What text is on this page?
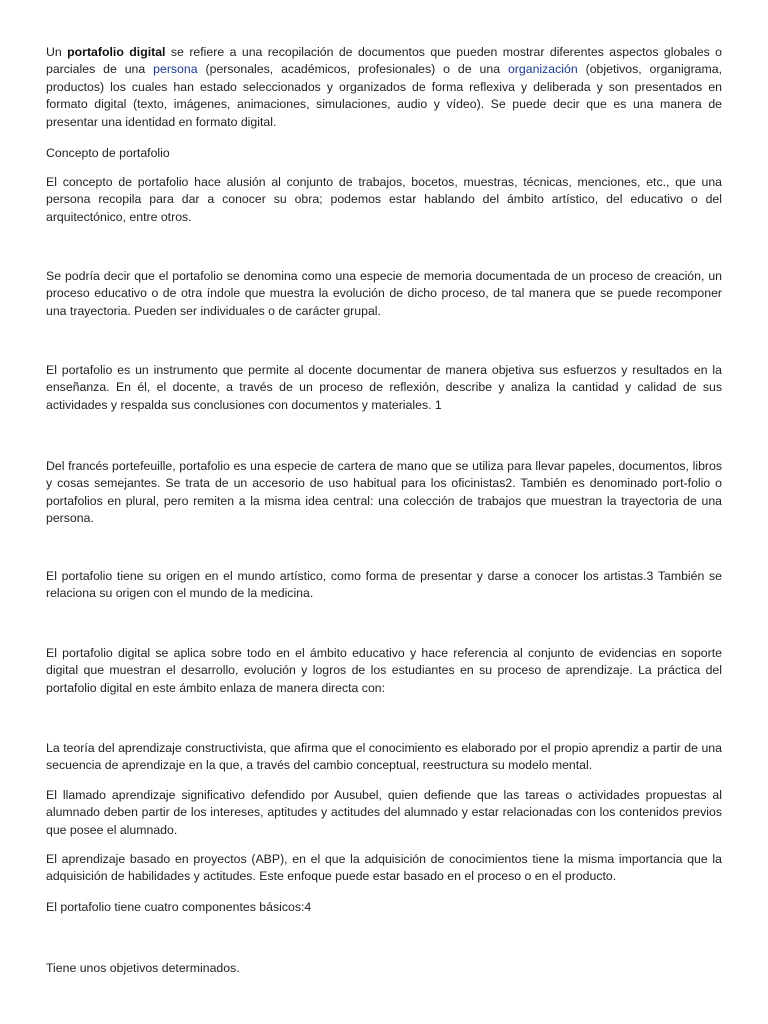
Un portafolio digital se refiere a una recopilación de documentos que pueden mostrar diferentes aspectos globales o parciales de una persona (personales, académicos, profesionales) o de una organización (objetivos, organigrama, productos) los cuales han estado seleccionados y organizados de forma reflexiva y deliberada y son presentados en formato digital (texto, imágenes, animaciones, simulaciones, audio y vídeo). Se puede decir que es una manera de presentar una identidad en formato digital.

Concepto de portafolio

El concepto de portafolio hace alusión al conjunto de trabajos, bocetos, muestras, técnicas, menciones, etc., que una persona recopila para dar a conocer su obra; podemos estar hablando del ámbito artístico, del educativo o del arquitectónico, entre otros.

Se podría decir que el portafolio se denomina como una especie de memoria documentada de un proceso de creación, un proceso educativo o de otra índole que muestra la evolución de dicho proceso, de tal manera que se puede recomponer una trayectoria. Pueden ser individuales o de carácter grupal.

El portafolio es un instrumento que permite al docente documentar de manera objetiva sus esfuerzos y resultados en la enseñanza. En él, el docente, a través de un proceso de reflexión, describe y analiza la cantidad y calidad de sus actividades y respalda sus conclusiones con documentos y materiales. 1

Del francés portefeuille, portafolio es una especie de cartera de mano que se utiliza para llevar papeles, documentos, libros y cosas semejantes. Se trata de un accesorio de uso habitual para los oficinistas2. También es denominado port-folio o portafolios en plural, pero remiten a la misma idea central: una colección de trabajos que muestran la trayectoria de una persona.

El portafolio tiene su origen en el mundo artístico, como forma de presentar y darse a conocer los artistas.3 También se relaciona su origen con el mundo de la medicina.

El portafolio digital se aplica sobre todo en el ámbito educativo y hace referencia al conjunto de evidencias en soporte digital que muestran el desarrollo, evolución y logros de los estudiantes en su proceso de aprendizaje. La práctica del portafolio digital en este ámbito enlaza de manera directa con:

La teoría del aprendizaje constructivista, que afirma que el conocimiento es elaborado por el propio aprendiz a partir de una secuencia de aprendizaje en la que, a través del cambio conceptual, reestructura su modelo mental.

El llamado aprendizaje significativo defendido por Ausubel, quien defiende que las tareas o actividades propuestas al alumnado deben partir de los intereses, aptitudes y actitudes del alumnado y estar relacionadas con los contenidos previos que posee el alumnado.

El aprendizaje basado en proyectos (ABP), en el que la adquisición de conocimientos tiene la misma importancia que la adquisición de habilidades y actitudes. Este enfoque puede estar basado en el proceso o en el producto.

El portafolio tiene cuatro componentes básicos:4

Tiene unos objetivos determinados.
